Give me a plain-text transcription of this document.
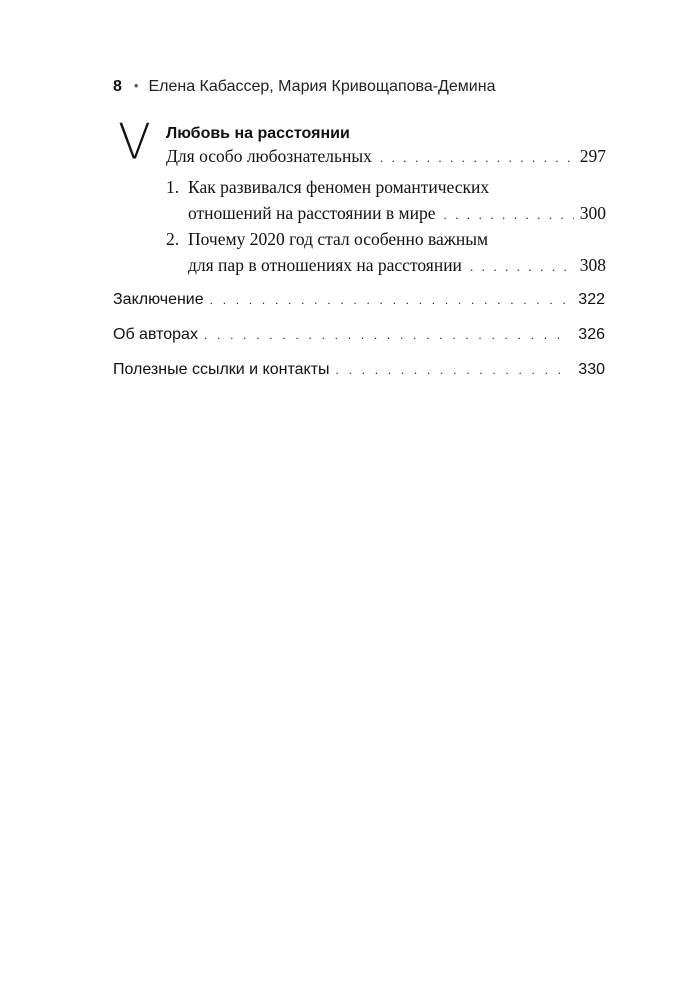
8 • Елена Кабассер, Мария Кривощапова-Демина
V Любовь на расстоянии
Для особо любознательных . . .	297
1. Как развивался феномен романтических
отношений на расстоянии в мире . . .	300
2. Почему 2020 год стал особенно важным
для пар в отношениях на расстоянии . . .	308
Заключение . . .	322
Об авторах . . .	326
Полезные ссылки и контакты . . .	330
